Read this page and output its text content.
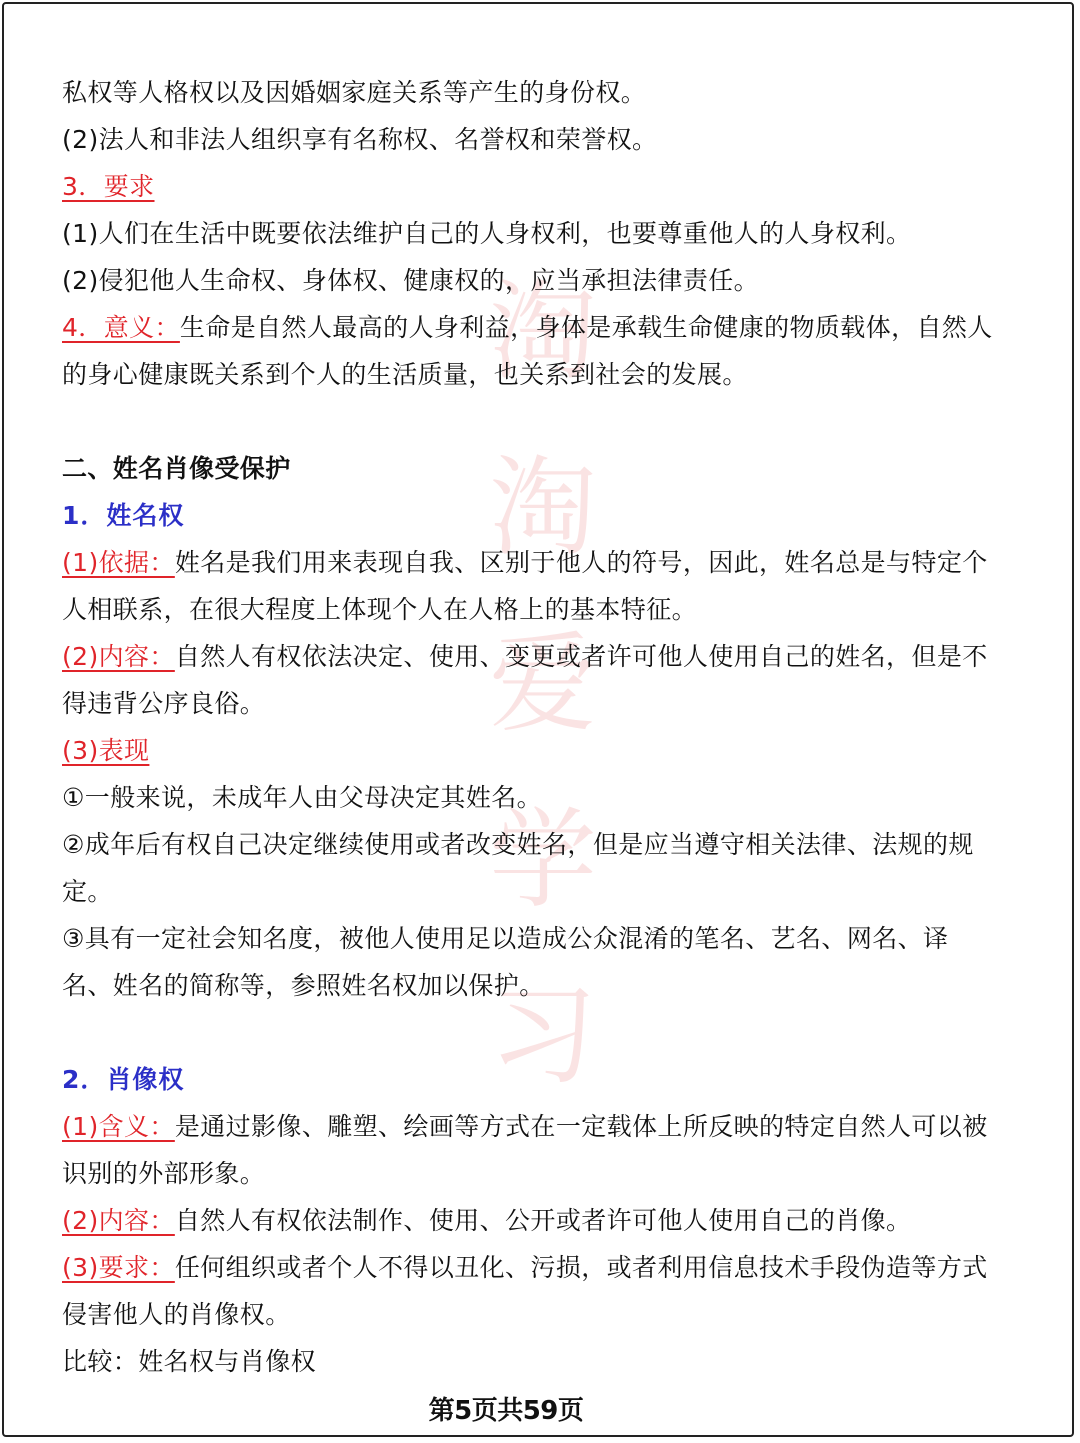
淘
淘
爱
学
习
私权等人格权以及因婚姻家庭关系等产生的身份权。
(2)法人和非法人组织享有名称权、名誉权和荣誉权。
3．要求
(1)人们在生活中既要依法维护自己的人身权利，也要尊重他人的人身权利。
(2)侵犯他人生命权、身体权、健康权的，应当承担法律责任。
4．意义：生命是自然人最高的人身利益，身体是承载生命健康的物质载体，自然人
的身心健康既关系到个人的生活质量，也关系到社会的发展。
二、姓名肖像受保护
1．姓名权
(1)依据：姓名是我们用来表现自我、区别于他人的符号，因此，姓名总是与特定个
人相联系，在很大程度上体现个人在人格上的基本特征。
(2)内容：自然人有权依法决定、使用、变更或者许可他人使用自己的姓名，但是不
得违背公序良俗。
(3)表现
①一般来说，未成年人由父母决定其姓名。
②成年后有权自己决定继续使用或者改变姓名，但是应当遵守相关法律、法规的规
定。
③具有一定社会知名度，被他人使用足以造成公众混淆的笔名、艺名、网名、译
名、姓名的简称等，参照姓名权加以保护。
2．肖像权
(1)含义：是通过影像、雕塑、绘画等方式在一定载体上所反映的特定自然人可以被
识别的外部形象。
(2)内容：自然人有权依法制作、使用、公开或者许可他人使用自己的肖像。
(3)要求：任何组织或者个人不得以丑化、污损，或者利用信息技术手段伪造等方式
侵害他人的肖像权。
比较：姓名权与肖像权
第5页共59页
